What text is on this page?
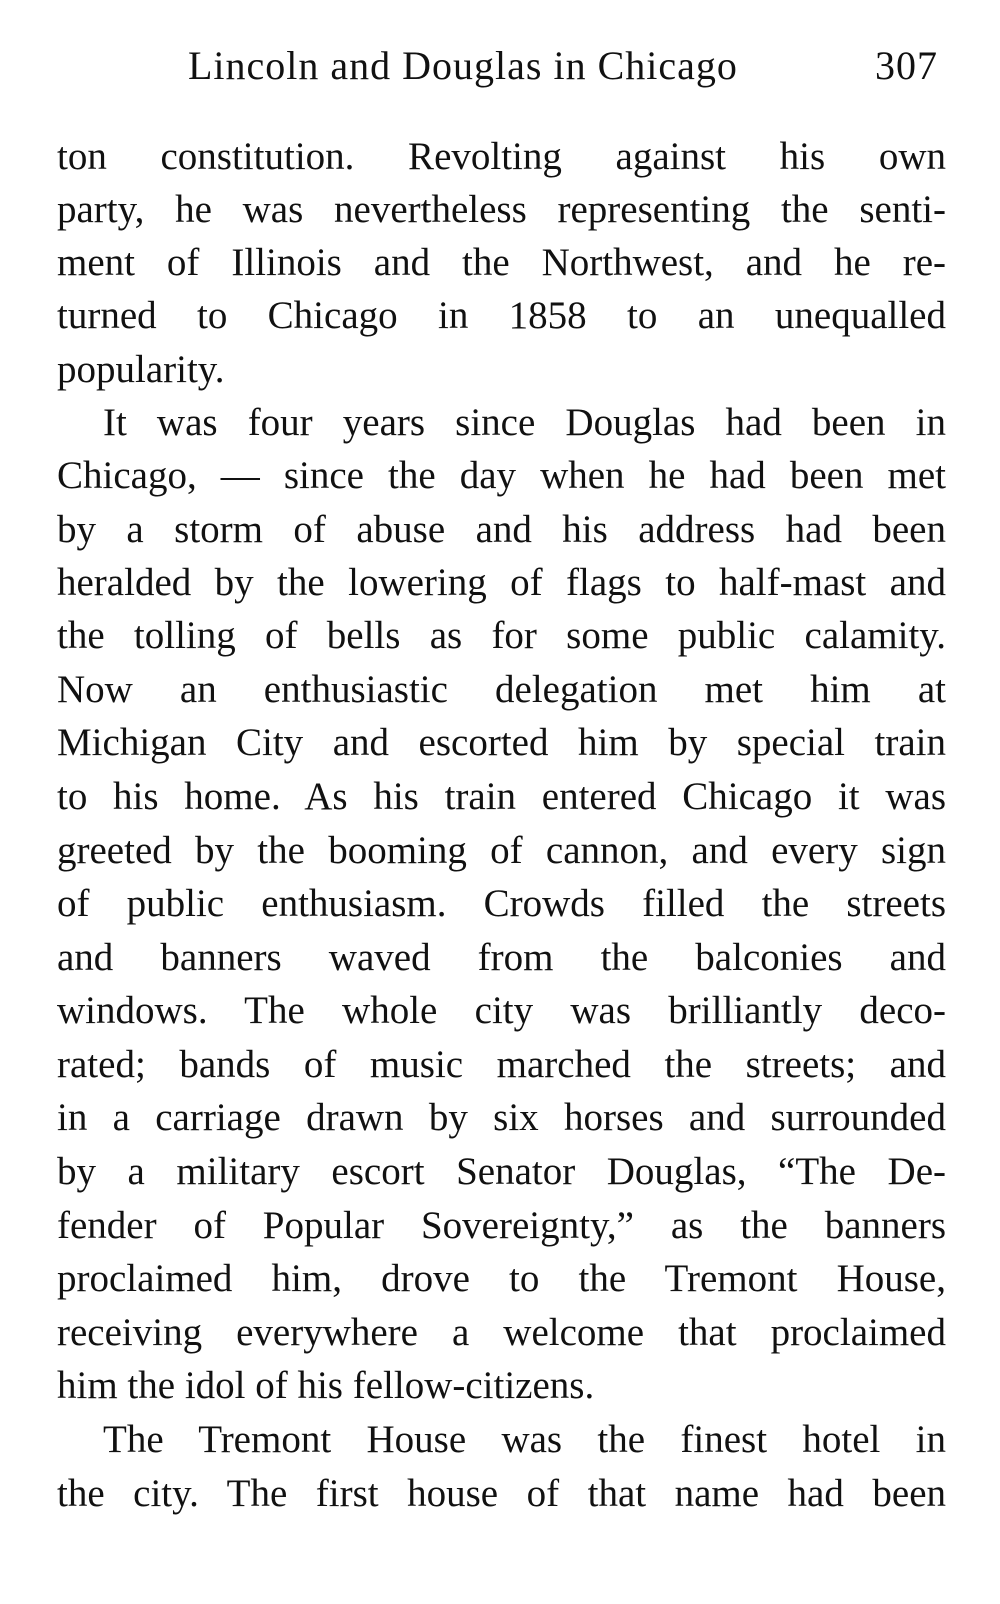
Lincoln and Douglas in Chicago	307
ton constitution. Revolting against his own
party, he was nevertheless representing the senti-
ment of Illinois and the Northwest, and he re-
turned to Chicago in 1858 to an unequalled
popularity.
It was four years since Douglas had been in
Chicago, — since the day when he had been met
by a storm of abuse and his address had been
heralded by the lowering of flags to half-mast and
the tolling of bells as for some public calamity.
Now an enthusiastic delegation met him at
Michigan City and escorted him by special train
to his home. As his train entered Chicago it was
greeted by the booming of cannon, and every sign
of public enthusiasm. Crowds filled the streets
and banners waved from the balconies and
windows. The whole city was brilliantly deco-
rated; bands of music marched the streets; and
in a carriage drawn by six horses and surrounded
by a military escort Senator Douglas, “The De-
fender of Popular Sovereignty,” as the banners
proclaimed him, drove to the Tremont House,
receiving everywhere a welcome that proclaimed
him the idol of his fellow-citizens.
The Tremont House was the finest hotel in
the city. The first house of that name had been
